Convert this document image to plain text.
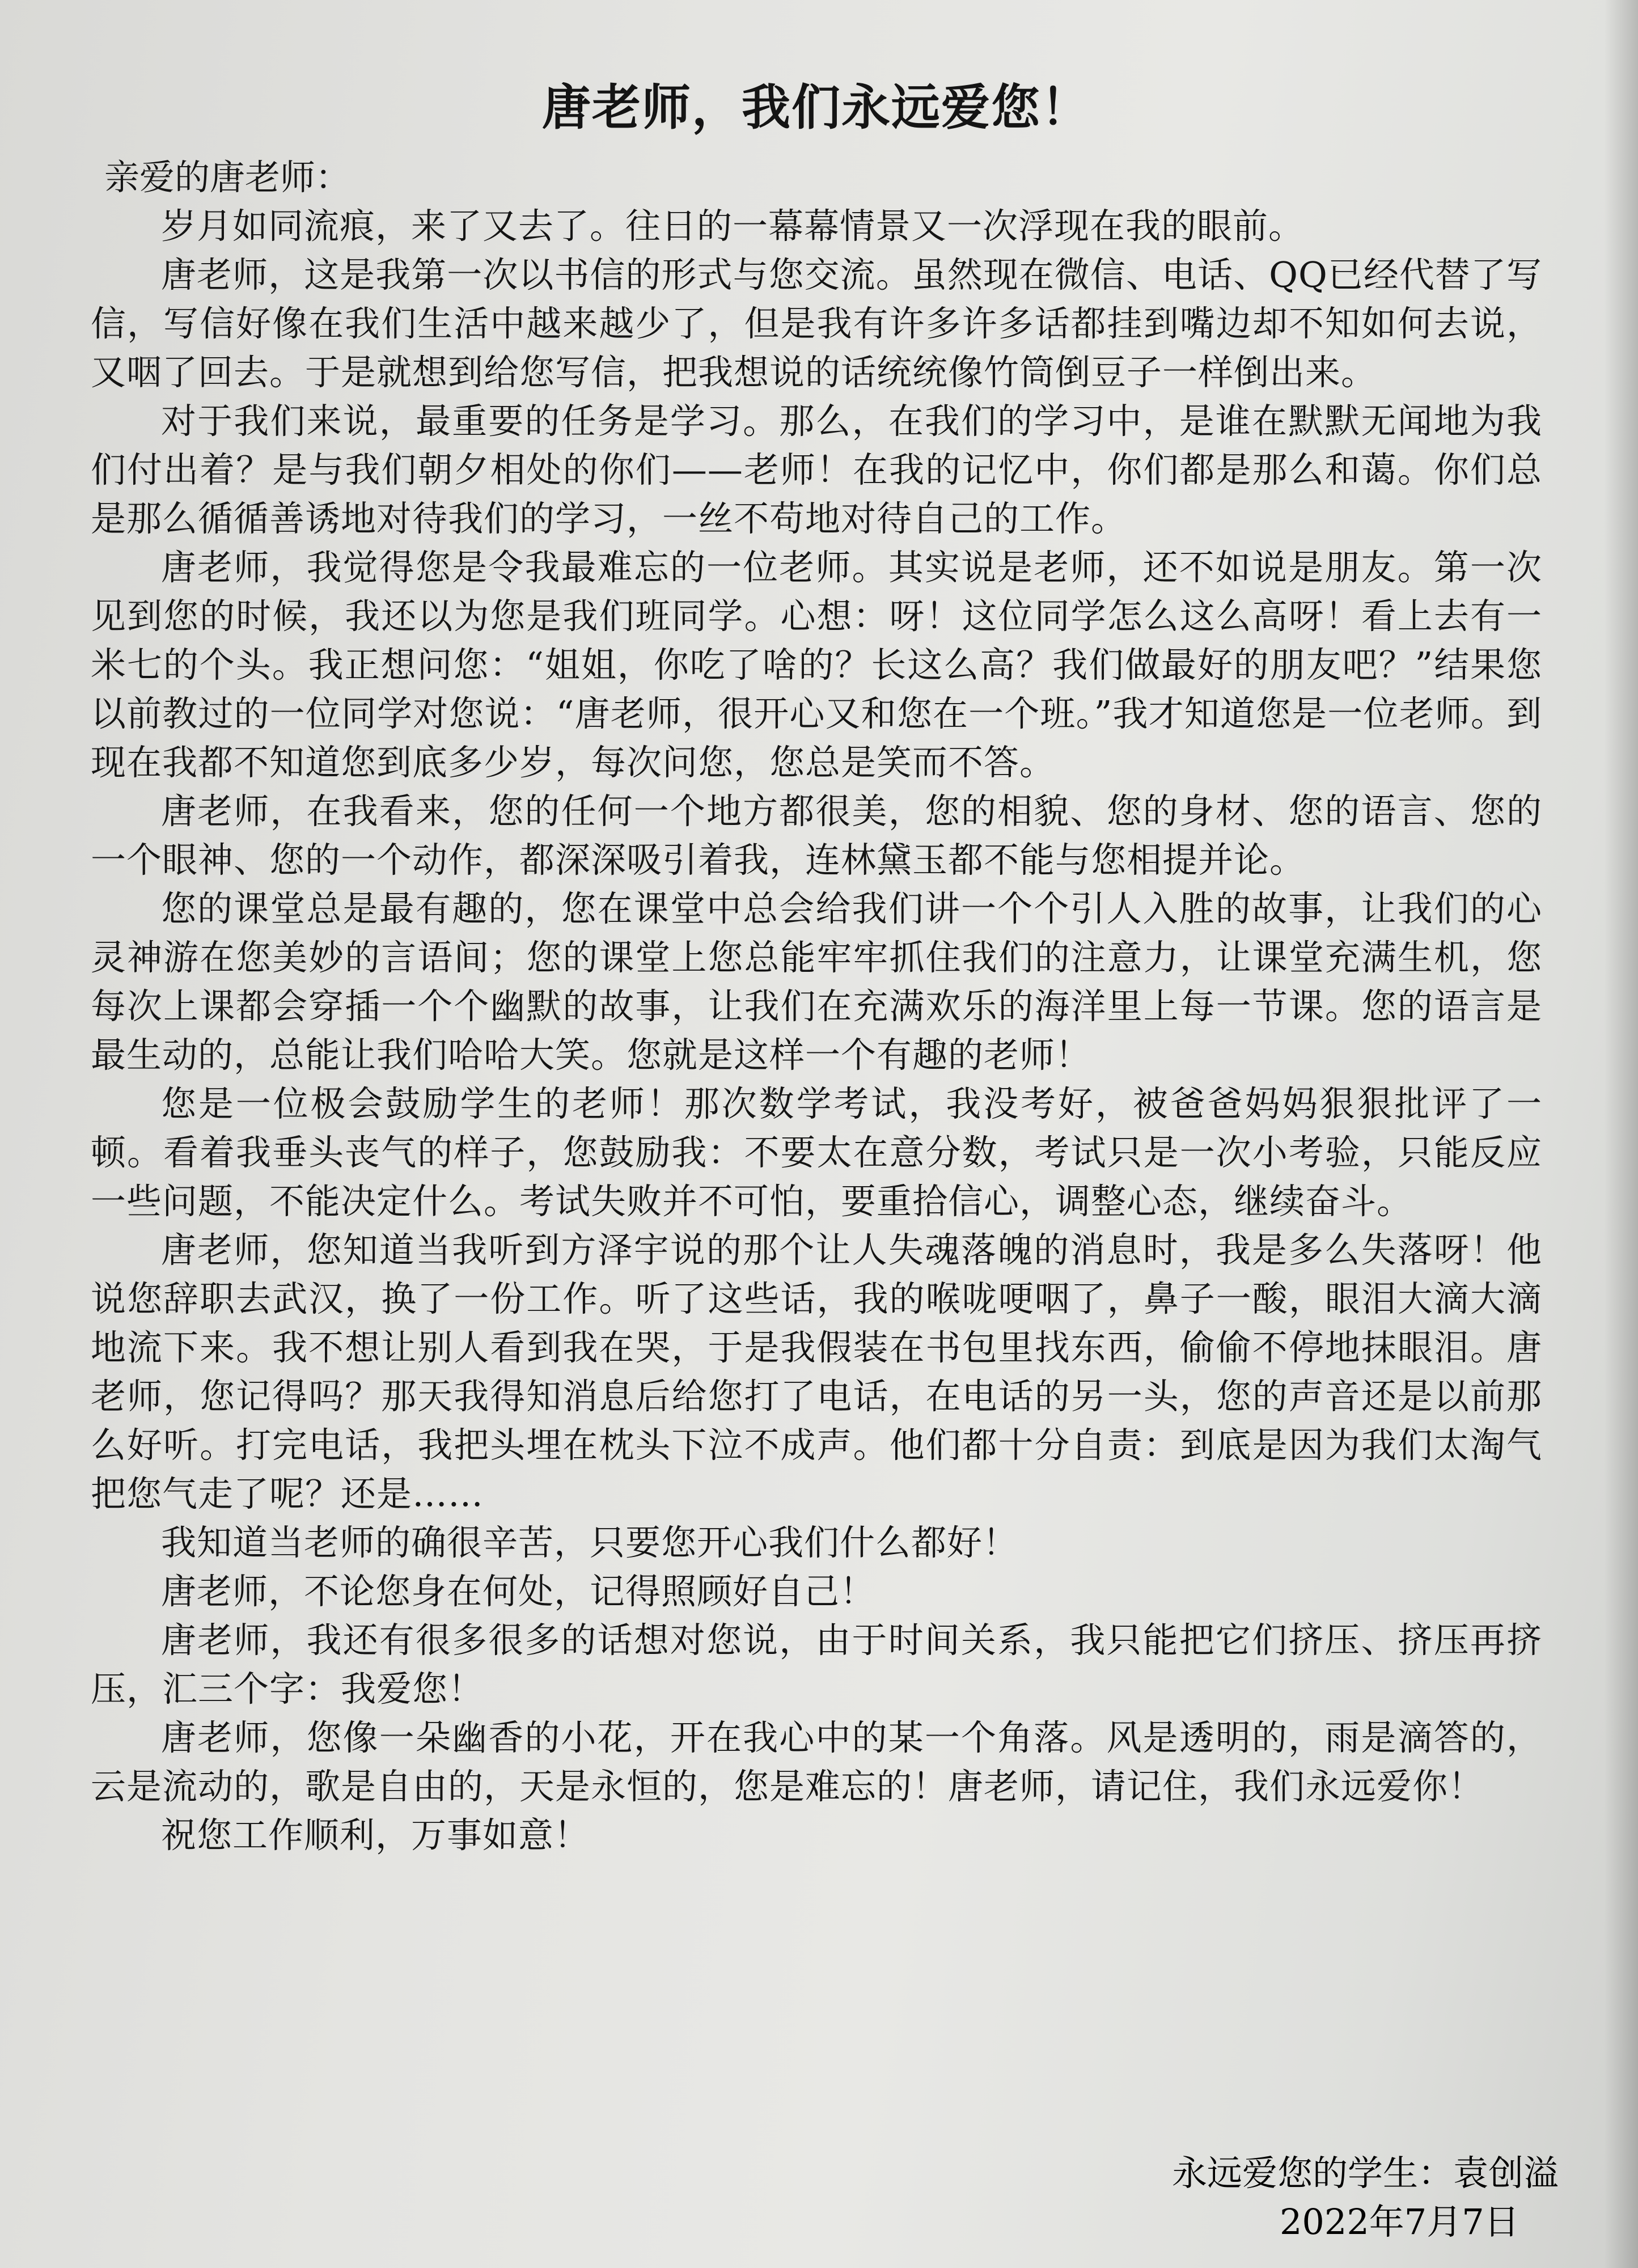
唐老师，我们永远爱您！

亲爱的唐老师：

岁月如同流痕，来了又去了。往日的一幕幕情景又一次浮现在我的眼前。

唐老师，这是我第一次以书信的形式与您交流。虽然现在微信、电话、QQ已经代替了写信，写信好像在我们生活中越来越少了，但是我有许多许多话都挂到嘴边却不知如何去说，又咽了回去。于是就想到给您写信，把我想说的话统统像竹筒倒豆子一样倒出来。

对于我们来说，最重要的任务是学习。那么，在我们的学习中，是谁在默默无闻地为我们付出着？是与我们朝夕相处的你们——老师！在我的记忆中，你们都是那么和蔼。你们总是那么循循善诱地对待我们的学习，一丝不苟地对待自己的工作。

唐老师，我觉得您是令我最难忘的一位老师。其实说是老师，还不如说是朋友。第一次见到您的时候，我还以为您是我们班同学。心想：呀！这位同学怎么这么高呀！看上去有一米七的个头。我正想问您：“姐姐，你吃了啥的？长这么高？我们做最好的朋友吧？”结果您以前教过的一位同学对您说：“唐老师，很开心又和您在一个班。”我才知道您是一位老师。到现在我都不知道您到底多少岁，每次问您，您总是笑而不答。

唐老师，在我看来，您的任何一个地方都很美，您的相貌、您的身材、您的语言、您的一个眼神、您的一个动作，都深深吸引着我，连林黛玉都不能与您相提并论。

您的课堂总是最有趣的，您在课堂中总会给我们讲一个个引人入胜的故事，让我们的心灵神游在您美妙的言语间；您的课堂上您总能牢牢抓住我们的注意力，让课堂充满生机，您每次上课都会穿插一个个幽默的故事，让我们在充满欢乐的海洋里上每一节课。您的语言是最生动的，总能让我们哈哈大笑。您就是这样一个有趣的老师！

您是一位极会鼓励学生的老师！那次数学考试，我没考好，被爸爸妈妈狠狠批评了一顿。看着我垂头丧气的样子，您鼓励我：不要太在意分数，考试只是一次小考验，只能反应一些问题，不能决定什么。考试失败并不可怕，要重拾信心，调整心态，继续奋斗。

唐老师，您知道当我听到方泽宇说的那个让人失魂落魄的消息时，我是多么失落呀！他说您辞职去武汉，换了一份工作。听了这些话，我的喉咙哽咽了，鼻子一酸，眼泪大滴大滴地流下来。我不想让别人看到我在哭，于是我假装在书包里找东西，偷偷不停地抹眼泪。唐老师，您记得吗？那天我得知消息后给您打了电话，在电话的另一头，您的声音还是以前那么好听。打完电话，我把头埋在枕头下泣不成声。他们都十分自责：到底是因为我们太淘气把您气走了呢？还是……

我知道当老师的确很辛苦，只要您开心我们什么都好！

唐老师，不论您身在何处，记得照顾好自己！

唐老师，我还有很多很多的话想对您说，由于时间关系，我只能把它们挤压、挤压再挤压，汇三个字：我爱您！

唐老师，您像一朵幽香的小花，开在我心中的某一个角落。风是透明的，雨是滴答的，云是流动的，歌是自由的，天是永恒的，您是难忘的！唐老师，请记住，我们永远爱你！

祝您工作顺利，万事如意！

永远爱您的学生：袁创溢
2022年7月7日
